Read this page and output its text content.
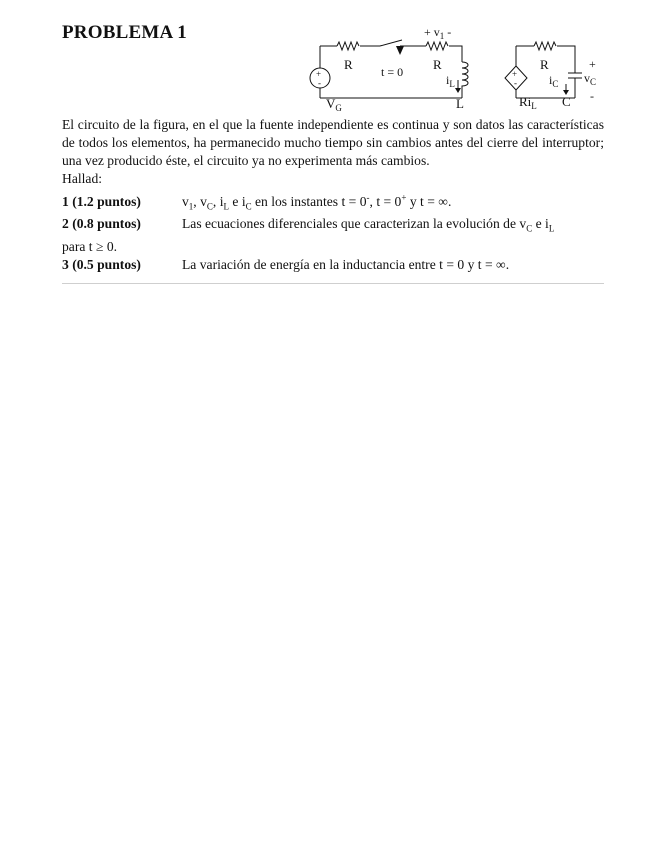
PROBLEMA 1
+
-
+
-
R t = 0 R
+ $v_1$ -
$i_L$
L
$V_G$
R
$i_C$
+
$v_C$
-
$Ri_L$ C

El circuito de la figura, en el que la fuente independiente es continua y son datos las características de todos los elementos, ha permanecido mucho tiempo sin cambios antes del cierre del interruptor; una vez producido éste, el circuito ya no experimenta más cambios.

Hallad:
1 (1.2 puntos)	$v_1$, $v_C$, $i_L$ e $i_C$ en los instantes t = 0-, t = 0+ y t = ∞.
2 (0.8 puntos)	Las ecuaciones diferenciales que caracterizan la evolución de $v_C$ e $i_L$
para t ≥ 0.
3 (0.5 puntos)	La variación de energía en la inductancia entre t = 0 y t = ∞.
